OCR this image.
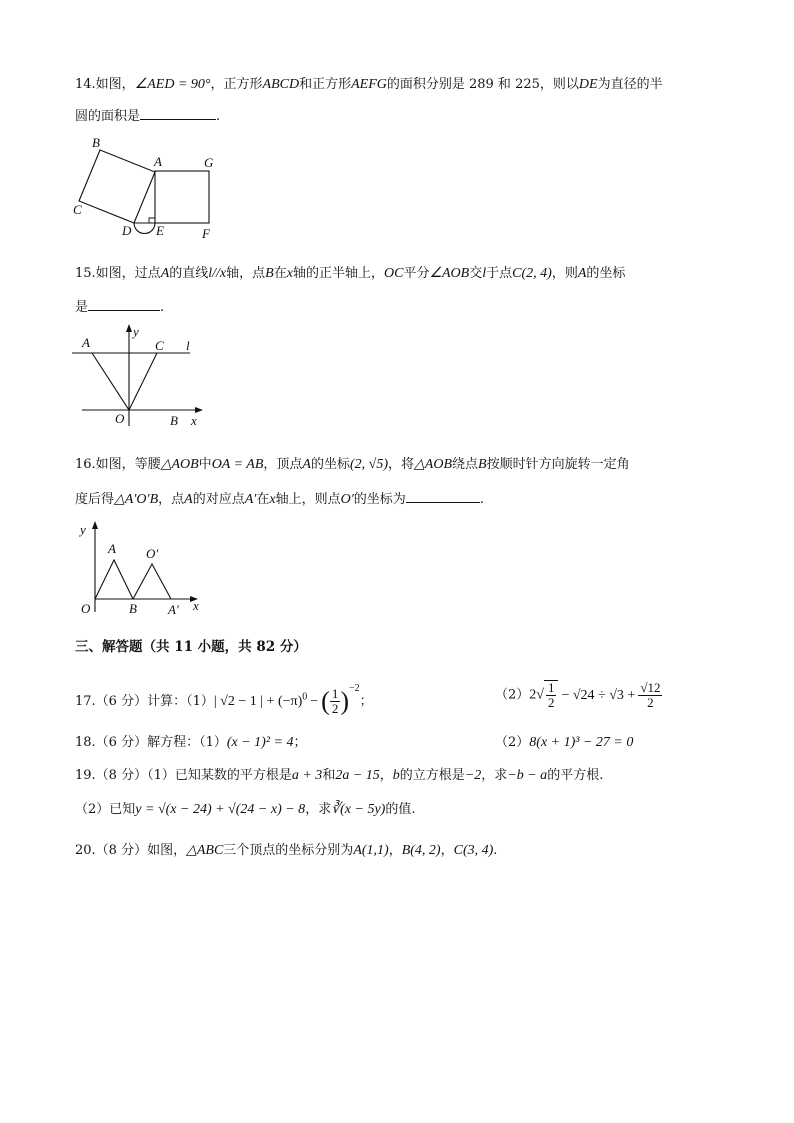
14.如图，∠AED = 90°，正方形ABCD和正方形AEFG的面积分别是 289 和 225，则以DE为直径的半
圆的面积是	.
B
A	G
C
D E	F
15.如图，过点A的直线l//x轴，点B在x轴的正半轴上，OC平分∠AOB交l于点C(2, 4)，则A的坐标
是	.
A
y
C l
O	B x
16.如图，等腰△AOB中OA = AB，顶点A的坐标(2, √5)，将△AOB绕点B按顺时针方向旋转一定角
度后得△A′O′B，点A的对应点A′在x轴上，则点O′的坐标为	.
y
A O′
O	B A′ x
三、解答题（共 11 小题，共 82 分）
17.（6 分）计算：（1）| √2 − 1 | + $(-\pi)^0$ − ( $\frac{1}{2} )^{-2}$；	$(2)2√ \frac{1}{2} - √24 \div √3 + \frac{√12}{2}$
18.（6 分）解方程：（1）(x − 1)² = 4；	（2）8(x + 1)³ − 27 = 0
19.（8 分）（1）已知某数的平方根是a + 3和2a − 15，b的立方根是−2，求−b − a的平方根.
（2）已知y = √(x − 24) + √(24 − x) − 8，求∛(x − 5y)的值.
20.（8 分）如图，△ABC三个顶点的坐标分别为A(1,1)，B(4, 2)，C(3, 4).
